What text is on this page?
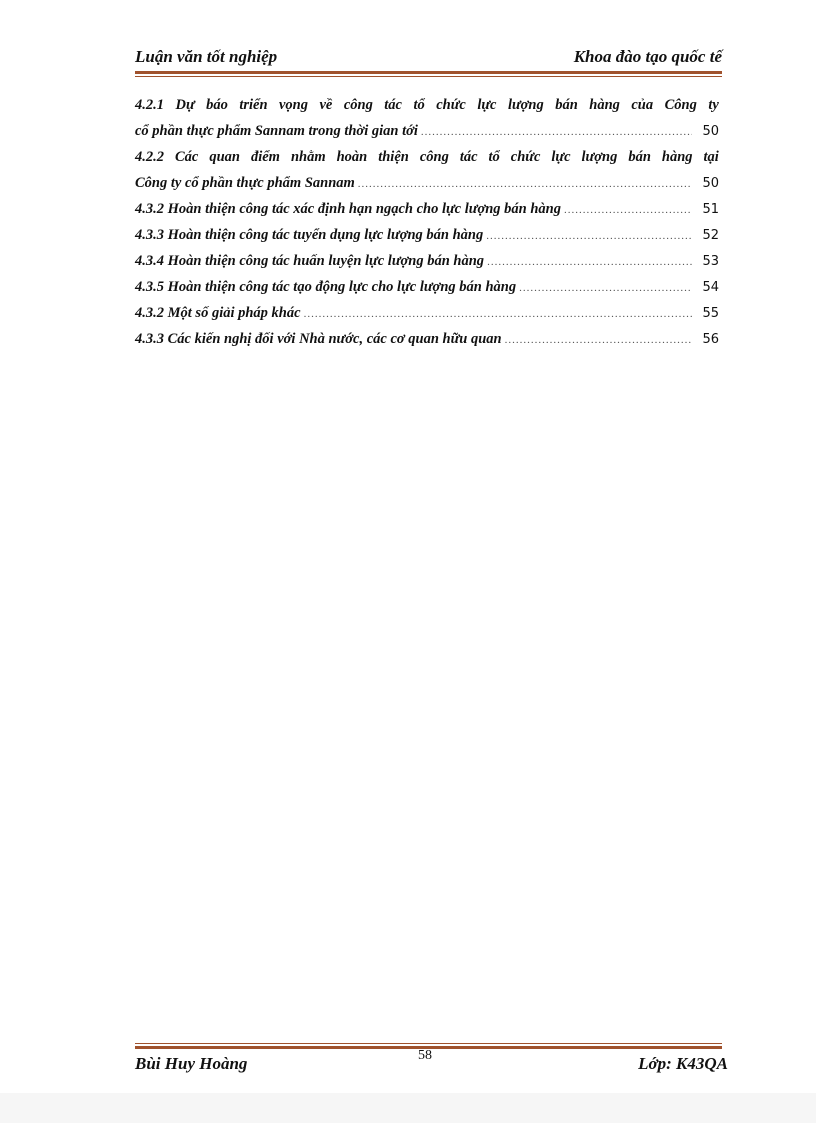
Luận văn tốt nghiệp	Khoa đào tạo quốc tế
4.2.1 Dự báo triển vọng về công tác tổ chức lực lượng bán hàng của Công ty
cổ phần thực phẩm Sannam trong thời gian tới .....	50
4.2.2 Các quan điểm nhằm hoàn thiện công tác tổ chức lực lượng bán hàng tại
Công ty cổ phần thực phẩm Sannam .....	50
4.3.2 Hoàn thiện công tác xác định hạn ngạch cho lực lượng bán hàng .....	51
4.3.3 Hoàn thiện công tác tuyển dụng lực lượng bán hàng .....	52
4.3.4 Hoàn thiện công tác huấn luyện lực lượng bán hàng .....	53
4.3.5 Hoàn thiện công tác tạo động lực cho lực lượng bán hàng .....	54
4.3.2 Một số giải pháp khác .....	55
4.3.3 Các kiến nghị đối với Nhà nước, các cơ quan hữu quan .....	56
Bùi Huy Hoàng	58	Lớp: K43QA
